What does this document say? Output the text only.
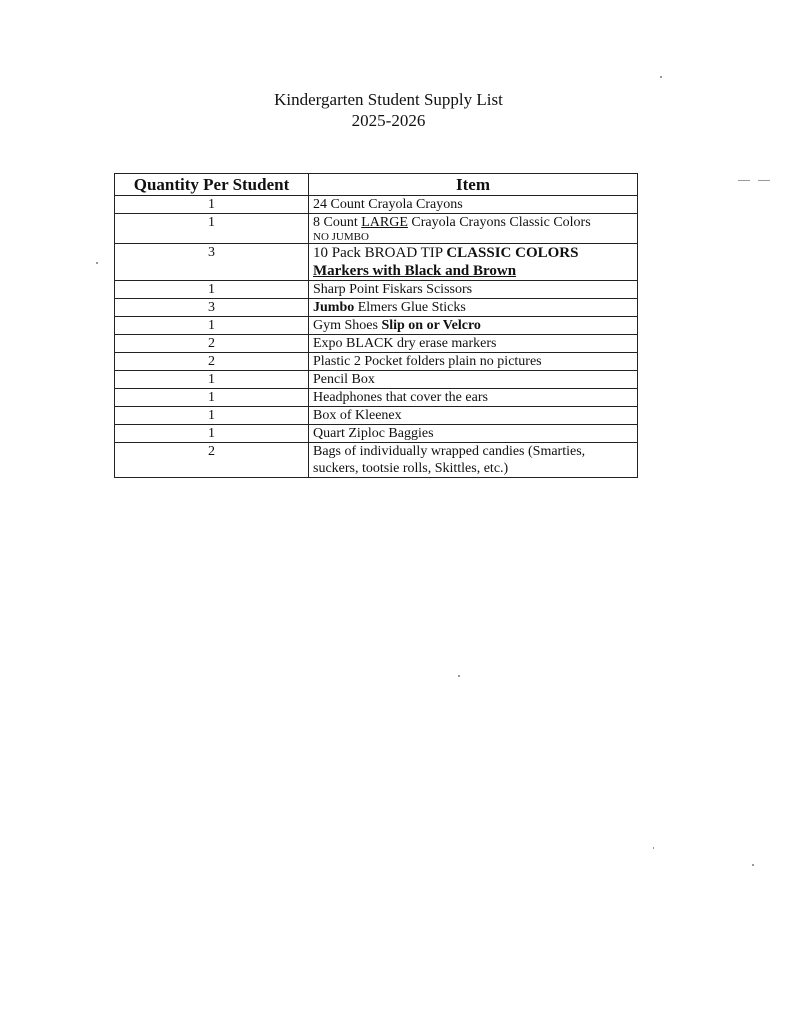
Kindergarten Student Supply List
2025-2026
Quantity Per Student	Item
1	24 Count Crayola Crayons
1	8 Count LARGE Crayola Crayons Classic Colors
NO JUMBO

3	10 Pack BROAD TIP CLASSIC COLORS
Markers with Black and Brown

1	Sharp Point Fiskars Scissors
3	Jumbo Elmers Glue Sticks
1	Gym Shoes Slip on or Velcro
2	Expo BLACK dry erase markers
2	Plastic 2 Pocket folders plain no pictures
1	Pencil Box
1	Headphones that cover the ears
1	Box of Kleenex
1	Quart Ziploc Baggies
2	Bags of individually wrapped candies (Smarties,
suckers, tootsie rolls, Skittles, etc.)
